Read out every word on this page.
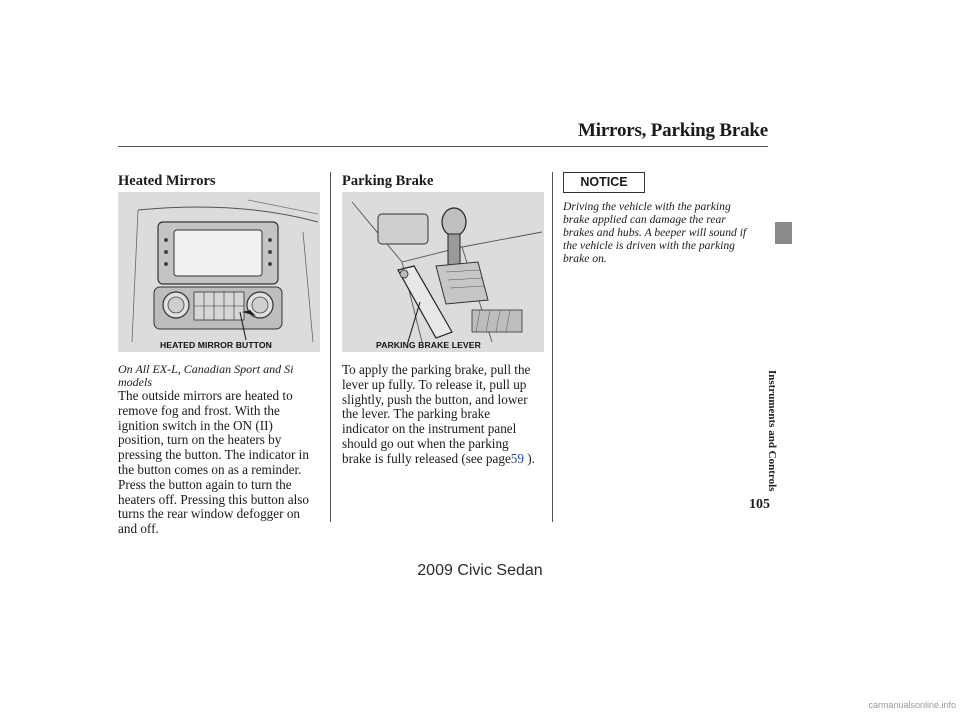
Mirrors, Parking Brake
Heated Mirrors
HEATED MIRROR BUTTON
On All EX-L, Canadian Sport and Si models
The outside mirrors are heated to
remove fog and frost. With the
ignition switch in the ON (II)
position, turn on the heaters by
pressing the button. The indicator in
the button comes on as a reminder.
Press the button again to turn the
heaters off. Pressing this button also
turns the rear window defogger on
and off.
Parking Brake
PARKING BRAKE LEVER
To apply the parking brake, pull the
lever up fully. To release it, pull up
slightly, push the button, and lower
the lever. The parking brake
indicator on the instrument panel
should go out when the parking
brake is fully released (see page59 ).
NOTICE
Driving the vehicle with the parking
brake applied can damage the rear
brakes and hubs. A beeper will sound if
the vehicle is driven with the parking
brake on.
Instruments and Controls
105
2009 Civic Sedan
carmanualsonline.info
